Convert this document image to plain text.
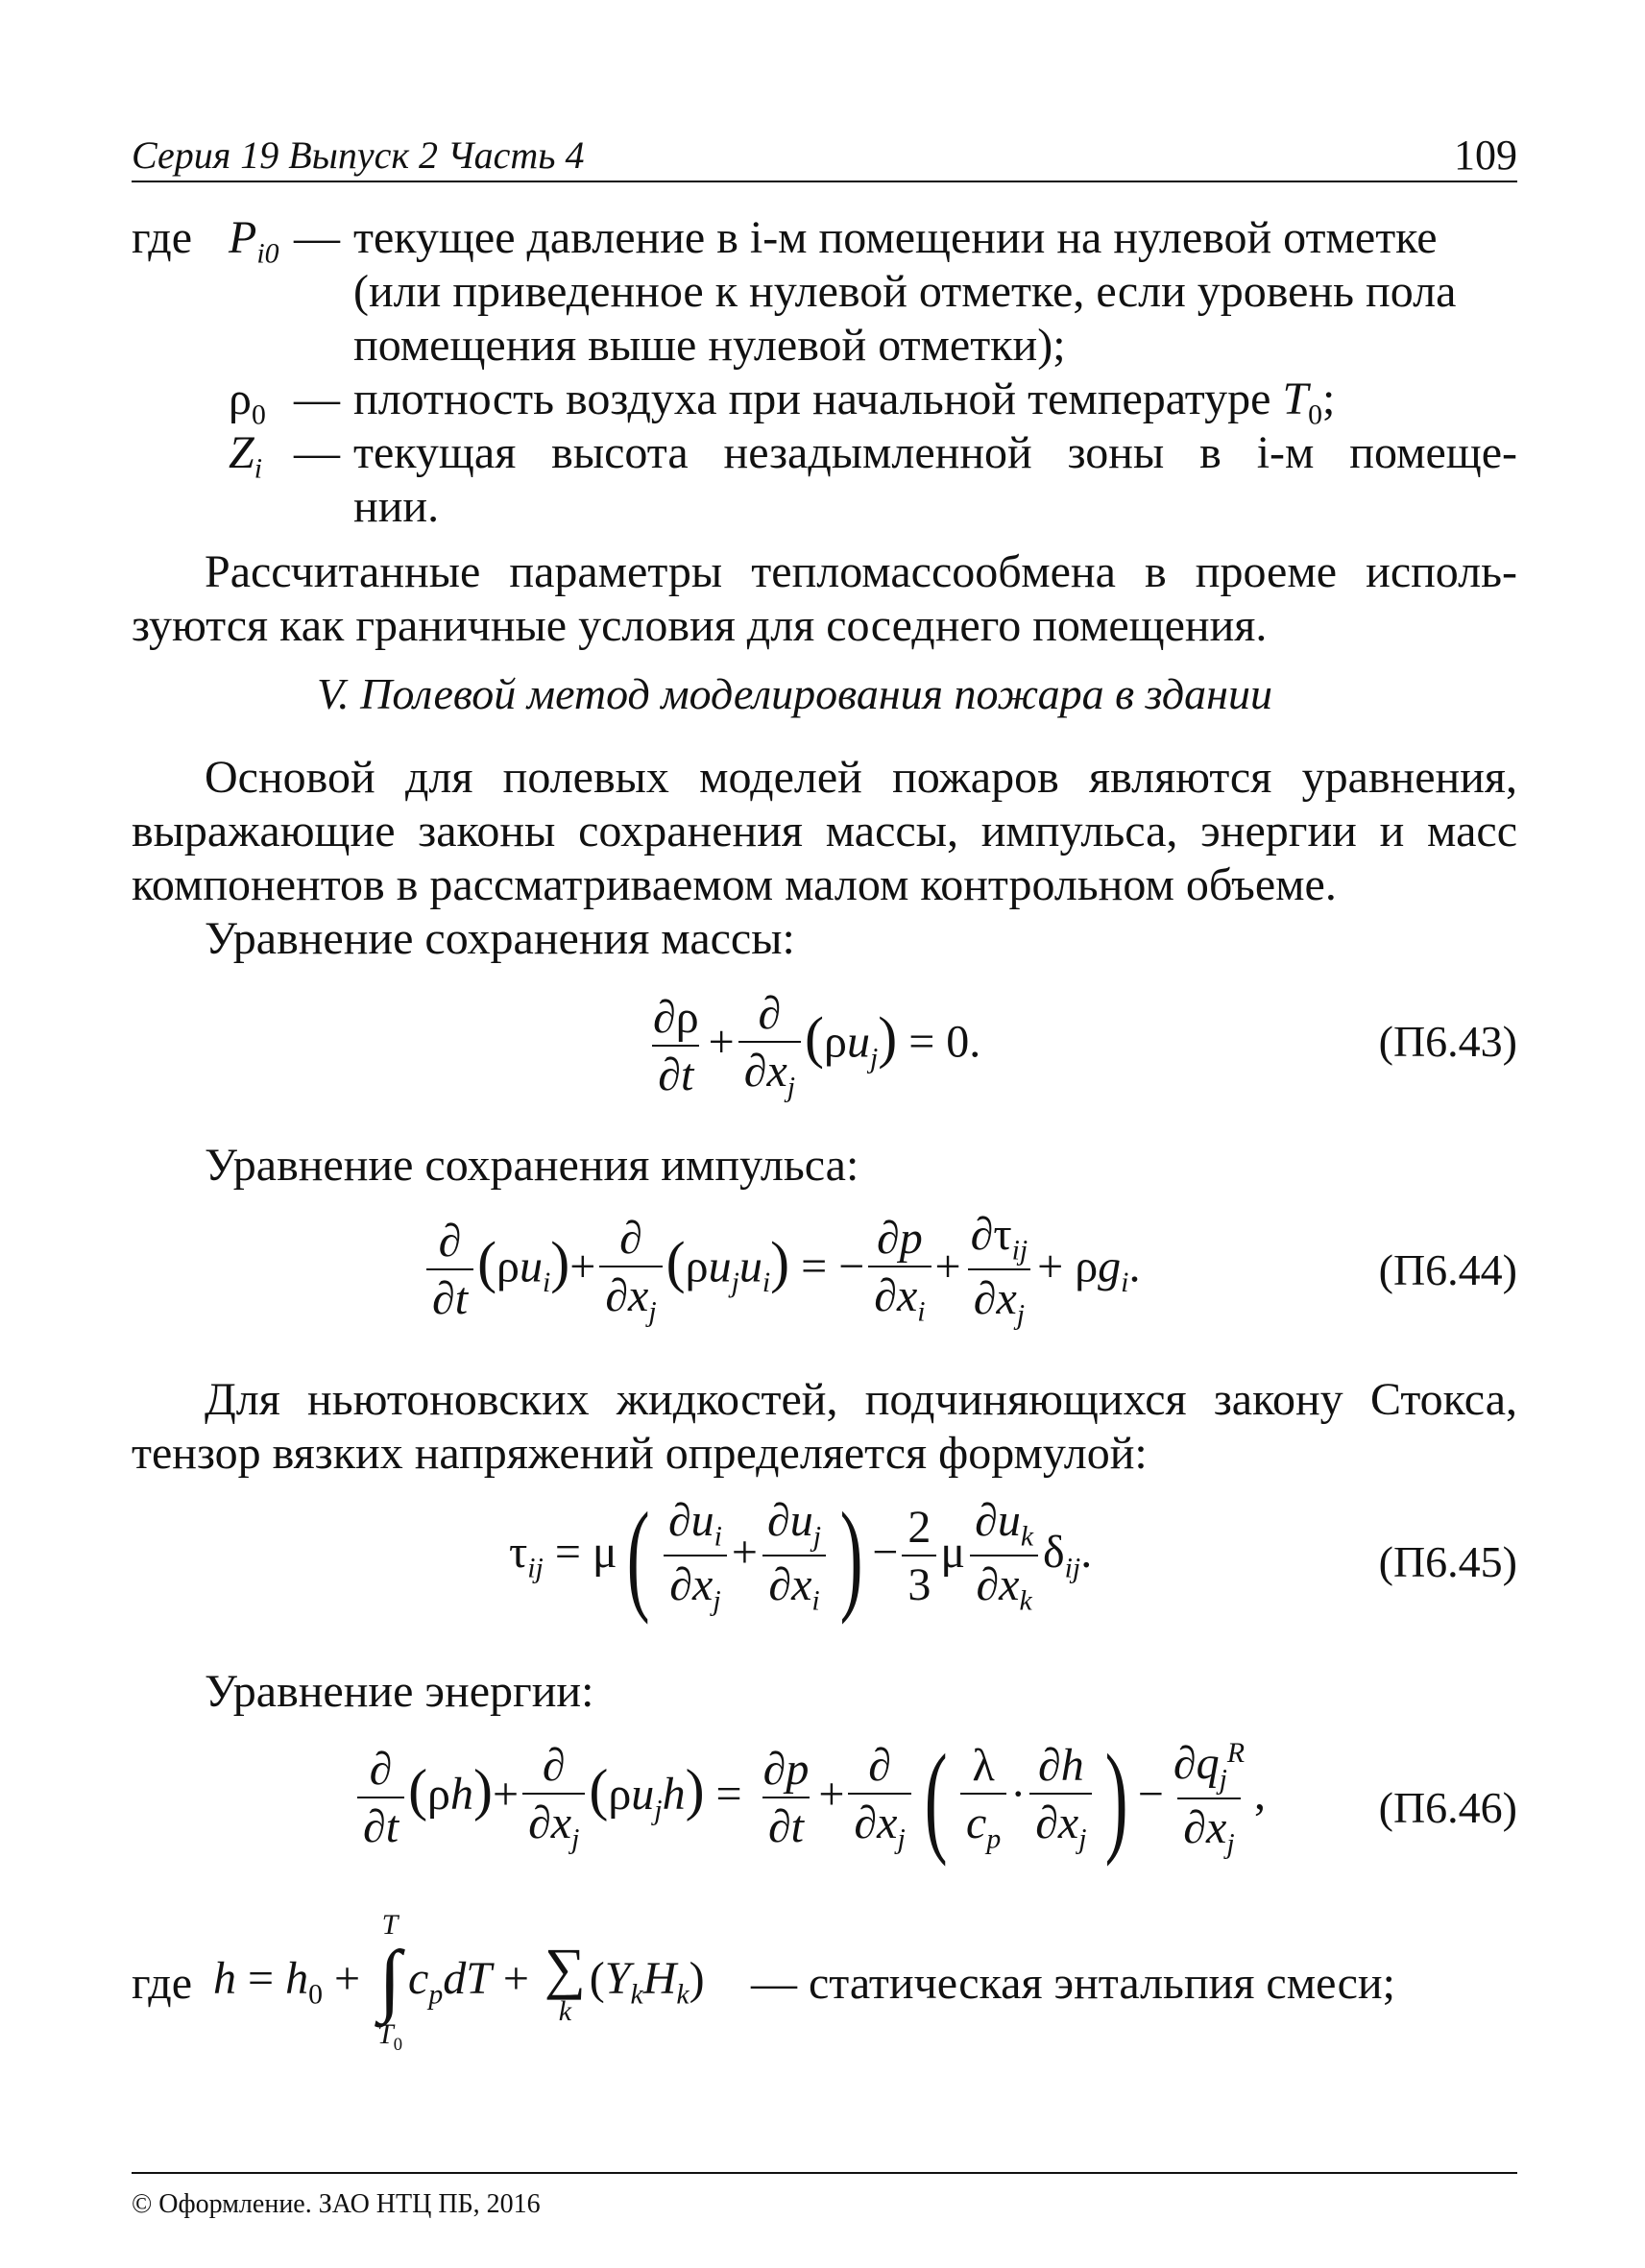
Серия 19 Выпуск 2 Часть 4	109
где $P_{i0}$ — текущее давление в i-м помещении на нулевой отметке
(или приведенное к нулевой отметке, если уровень пола
помещения выше нулевой отметки);
$\rho_0$ — плотность воздуха при начальной температуре $T_0$;
$Z_i$ — текущая высота незадымленной зоны в i-м помеще-
нии.
Рассчитанные параметры тепломассообмена в проеме исполь-
зуются как граничные условия для соседнего помещения.
V. Полевой метод моделирования пожара в здании
Основой для полевых моделей пожаров являются уравнения,
выражающие законы сохранения массы, импульса, энергии и масс
компонентов в рассматриваемом малом контрольном объеме.
Уравнение сохранения массы:
$\frac{\partial\rho}{\partial t}$ +
∂
$\partial x_j$
$(\rho u_j) = 0$.	(П6.43)
Уравнение сохранения импульса:
∂
∂t
$(\rho u_i)+$
∂
$\partial x_j$
$(\rho u_ju_i)$ = − $\frac{\partial p}{\partial x_i}$ +
$\partial\tau_{ij}$
$\partial x_j$
+ $\rho g_i$.	(П6.44)
Для ньютоновских жидкостей, подчиняющихся закону Стокса,
тензор вязких напряжений определяется формулой:
$\tau_{ij} = \mu( \frac{\partial u_i}{\partial x_j} + \frac{\partial u_j}{\partial x_i}$ ) − $\frac{2}{3}$ μ $\frac{\partial u_k}{\partial x_k} \delta_{ij}$.	(П6.45)
Уравнение энергии:
∂
∂t
(ρh)+
∂
$\partial x_j$
$(\rho u_jh) = \frac{\partial p}{\partial t}$ +
∂
$\partial x_j$ ( $\frac{\lambda}{c_p} \cdot \frac{\partial h}{\partial x_j}$ ) −
$\partial q_j^R$
$\partial x_j$
,	(П6.46)
где $h = h_0$ +
T
∫
$T_0$
$c_pdT$ + ∑
k
$(Y_kH_k)$ — статическая энтальпия смеси;
© Оформление. ЗАО НТЦ ПБ, 2016
